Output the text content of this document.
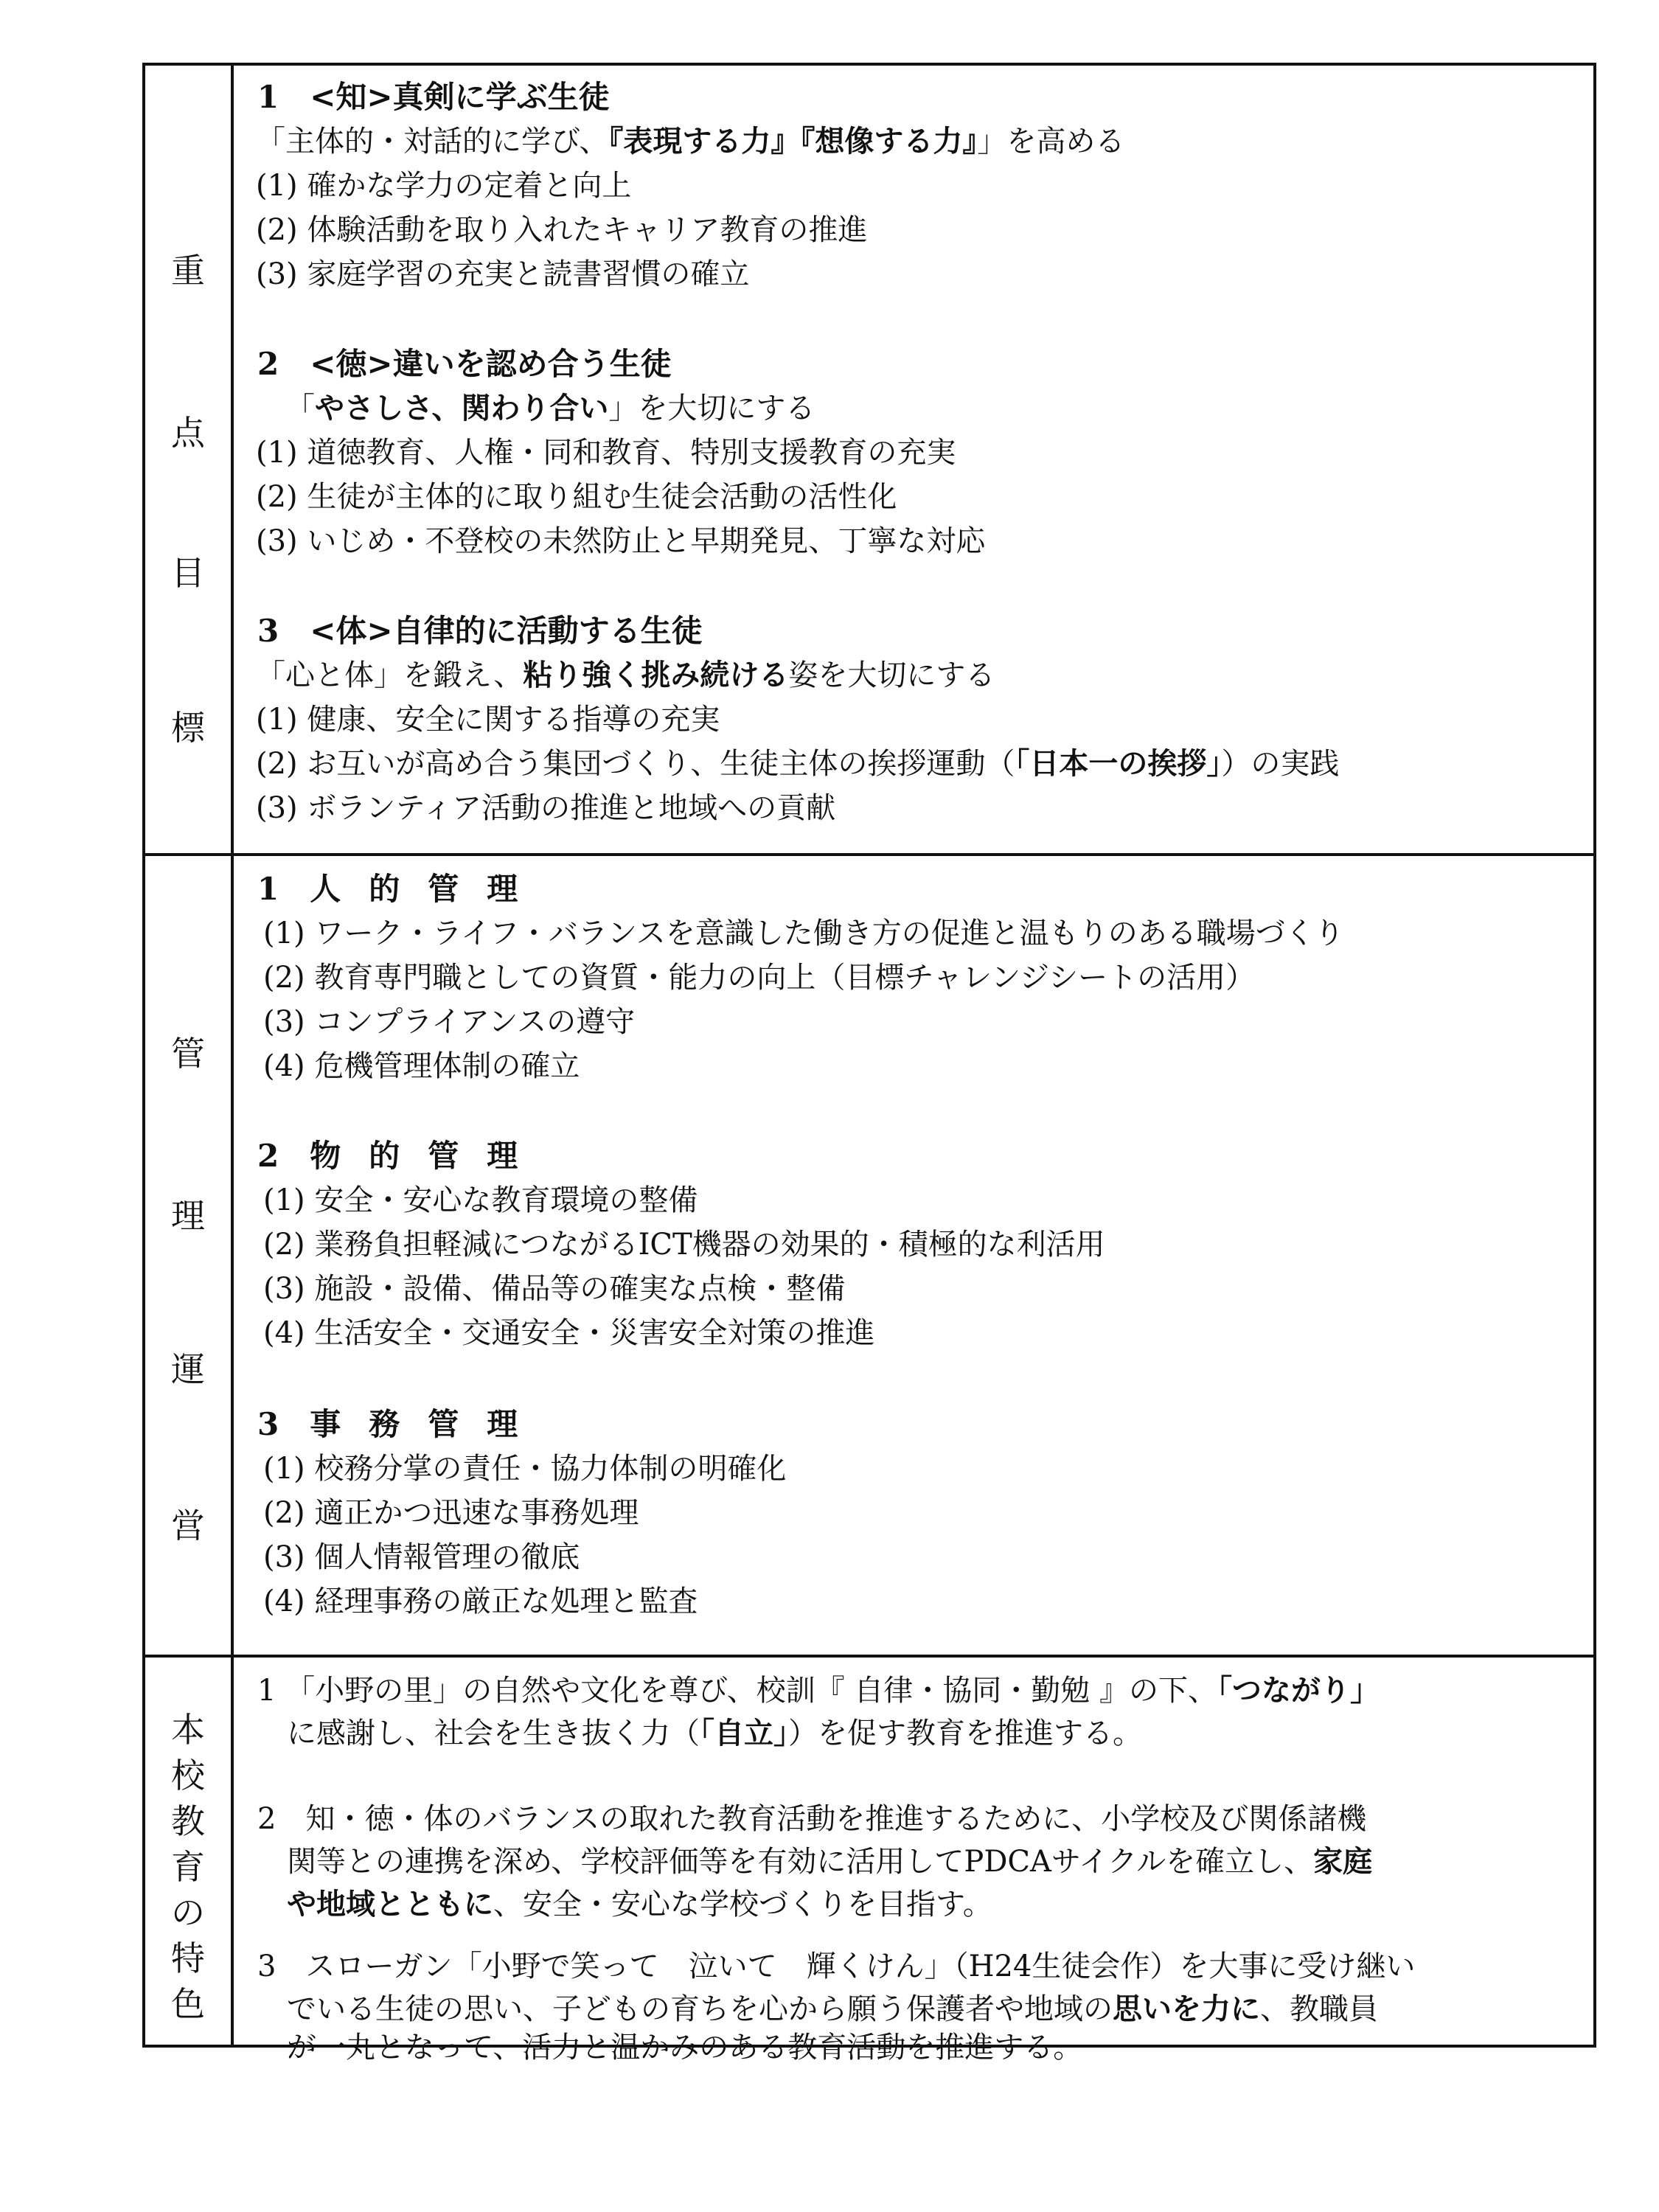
重
点
目
標
1　<知>真剣に学ぶ生徒
「主体的・対話的に学び、『表現する力』『想像する力』」を高める
(1) 確かな学力の定着と向上
(2) 体験活動を取り入れたキャリア教育の推進
(3) 家庭学習の充実と読書習慣の確立
2　<徳>違いを認め合う生徒
「やさしさ、関わり合い」を大切にする
(1) 道徳教育、人権・同和教育、特別支援教育の充実
(2) 生徒が主体的に取り組む生徒会活動の活性化
(3) いじめ・不登校の未然防止と早期発見、丁寧な対応
3　<体>自律的に活動する生徒
「心と体」を鍛え、粘り強く挑み続ける姿を大切にする
(1) 健康、安全に関する指導の充実
(2) お互いが高め合う集団づくり、生徒主体の挨拶運動（「日本一の挨拶」）の実践
(3) ボランティア活動の推進と地域への貢献
管
理
運
営
1　 人的管理
(1) ワーク・ライフ・バランスを意識した働き方の促進と温もりのある職場づくり
(2) 教育専門職としての資質・能力の向上（目標チャレンジシートの活用）
(3) コンプライアンスの遵守
(4) 危機管理体制の確立
2　 物的管理
(1) 安全・安心な教育環境の整備
(2) 業務負担軽減につながるICT機器の効果的・積極的な利活用
(3) 施設・設備、備品等の確実な点検・整備
(4) 生活安全・交通安全・災害安全対策の推進
3　 事務管理
(1) 校務分掌の責任・協力体制の明確化
(2) 適正かつ迅速な事務処理
(3) 個人情報管理の徹底
(4) 経理事務の厳正な処理と監査
本
校
教
育
の
特
色
1 「小野の里」の自然や文化を尊び、校訓『 自律・協同・勤勉 』の下、「つながり」
に感謝し、社会を生き抜く力（「自立」）を促す教育を推進する。
2　知・徳・体のバランスの取れた教育活動を推進するために、小学校及び関係諸機
関等との連携を深め、学校評価等を有効に活用してPDCAサイクルを確立し、家庭
や地域とともに、安全・安心な学校づくりを目指す。
3　スローガン「小野で笑って　泣いて　輝くけん」（H24生徒会作）を大事に受け継い
でいる生徒の思い、子どもの育ちを心から願う保護者や地域の思いを力に、教職員
が一丸となって、活力と温かみのある教育活動を推進する。
